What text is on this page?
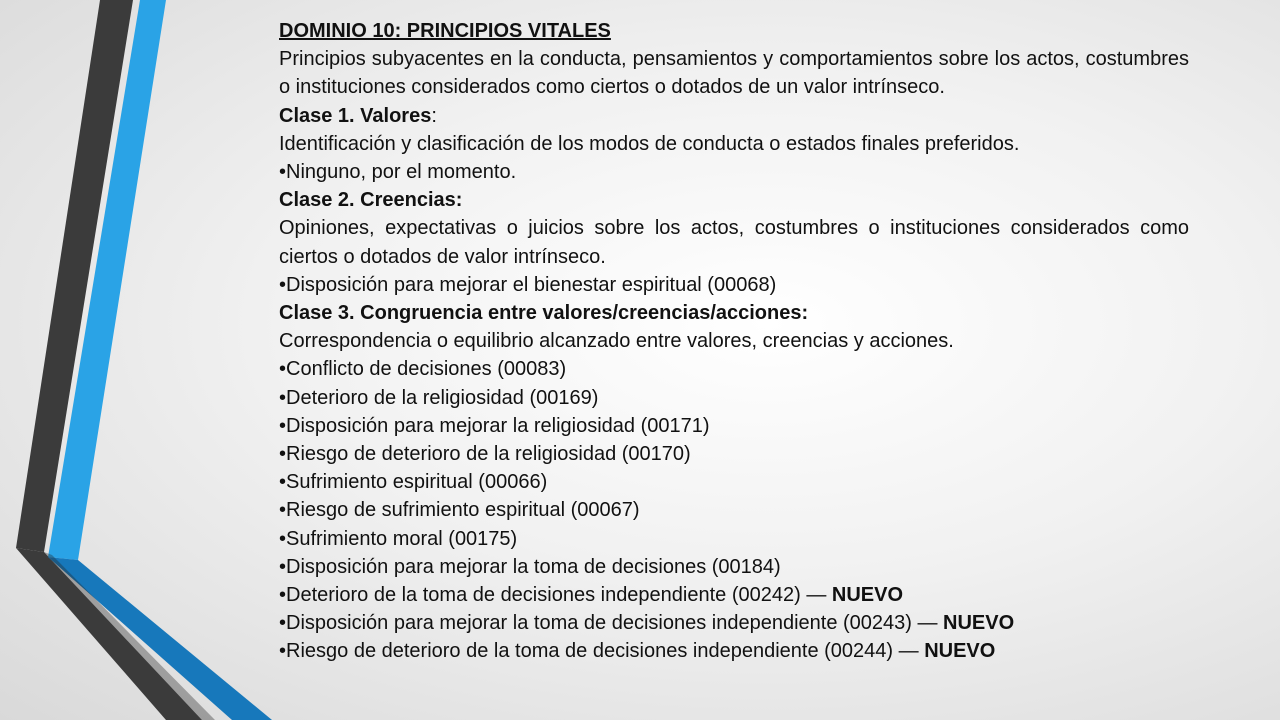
DOMINIO 10: PRINCIPIOS VITALES
Principios subyacentes en la conducta, pensamientos y comportamientos sobre los actos, costumbres o instituciones considerados como ciertos o dotados de un valor intrínseco.
Clase 1. Valores:
Identificación y clasificación de los modos de conducta o estados finales preferidos.
•Ninguno, por el momento.
Clase 2. Creencias:
Opiniones, expectativas o juicios sobre los actos, costumbres o instituciones considerados como ciertos o dotados de valor intrínseco.
•Disposición para mejorar el bienestar espiritual (00068)
Clase 3. Congruencia entre valores/creencias/acciones:
Correspondencia o equilibrio alcanzado entre valores, creencias y acciones.
•Conflicto de decisiones (00083)
•Deterioro de la religiosidad (00169)
•Disposición para mejorar la religiosidad (00171)
•Riesgo de deterioro de la religiosidad (00170)
•Sufrimiento espiritual (00066)
•Riesgo de sufrimiento espiritual (00067)
•Sufrimiento moral (00175)
•Disposición para mejorar la toma de decisiones (00184)
•Deterioro de la toma de decisiones independiente (00242) — NUEVO
•Disposición para mejorar la toma de decisiones independiente (00243) — NUEVO
•Riesgo de deterioro de la toma de decisiones independiente (00244) — NUEVO
